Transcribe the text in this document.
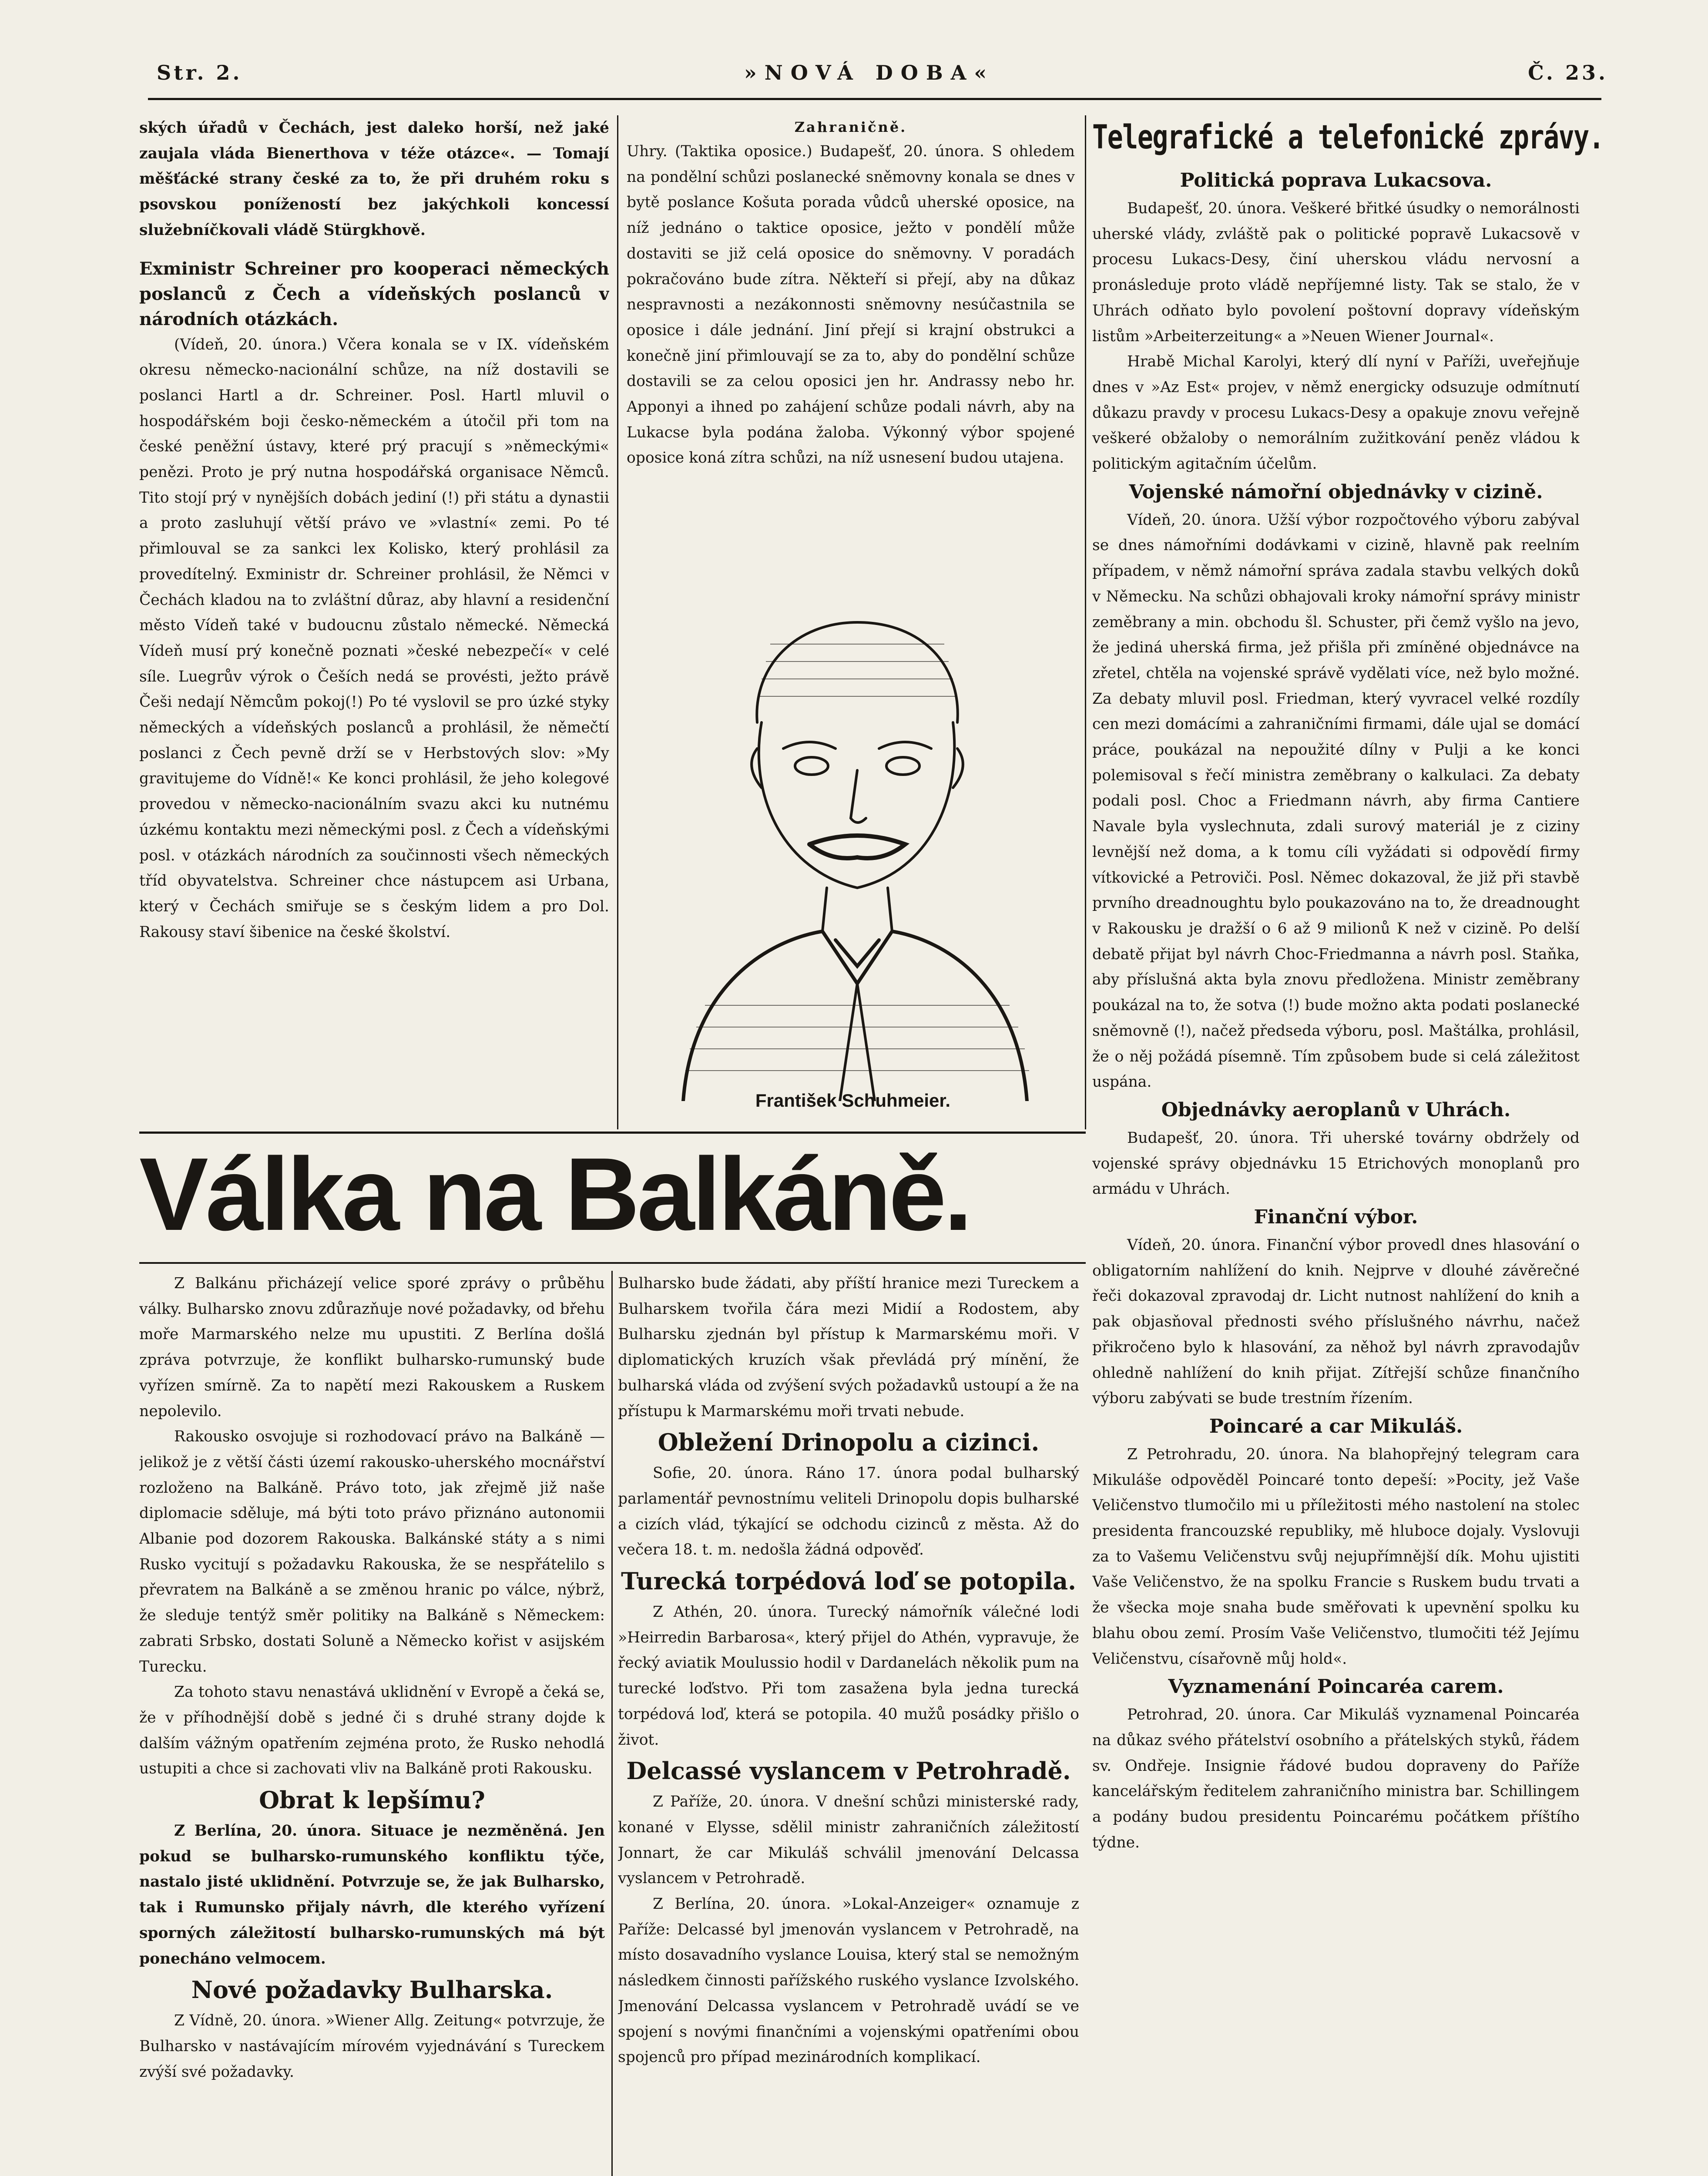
Str. 2.	»NOVÁ DOBA«	Č. 23.

ských úřadů v Čechách, jest daleko horší, než jaké zaujala vláda Bienerthova v téže otázce«. — Tomají měšťácké strany české za to, že při druhém roku s psovskou ponížeností bez jakýchkoli koncessí služebníčkovali vládě Stürgkhově.

Exministr Schreiner pro kooperaci německých poslanců z Čech a vídeňských poslanců v národních otázkách.

(Vídeň, 20. února.) Včera konala se v IX. vídeňském okresu německo-nacionální schůze, na níž dostavili se poslanci Hartl a dr. Schreiner. Posl. Hartl mluvil o hospodářském boji česko-německém a útočil při tom na české peněžní ústavy, které prý pracují s »německými« penězi. Proto je prý nutna hospodářská organisace Němců. Tito stojí prý v nynějších dobách jediní (!) při státu a dynastii a proto zasluhují větší právo ve »vlastní« zemi. Po té přimlouval se za sankci lex Kolisko, který prohlásil za provedítelný. Exministr dr. Schreiner prohlásil, že Němci v Čechách kladou na to zvláštní důraz, aby hlavní a residenční město Vídeň také v budoucnu zůstalo německé. Německá Vídeň musí prý konečně poznati »české nebezpečí« v celé síle. Luegrův výrok o Češích nedá se provésti, ježto právě Češi nedají Němcům pokoj(!) Po té vyslovil se pro úzké styky německých a vídeňských poslanců a prohlásil, že němečtí poslanci z Čech pevně drží se v Herbstových slov: »My gravitujeme do Vídně!« Ke konci prohlásil, že jeho kolegové provedou v německo-nacionálním svazu akci ku nutnému úzkému kontaktu mezi německými posl. z Čech a vídeňskými posl. v otázkách národních za součinnosti všech německých tříd obyvatelstva. Schreiner chce nástupcem asi Urbana, který v Čechách smiřuje se s českým lidem a pro Dol. Rakousy staví šibenice na české školství.

Zahraničně.

Uhry. (Taktika oposice.) Budapešť, 20. února. S ohledem na pondělní schůzi poslanecké sněmovny konala se dnes v bytě poslance Košuta porada vůdců uherské oposice, na níž jednáno o taktice oposice, ježto v pondělí může dostaviti se již celá oposice do sněmovny. V poradách pokračováno bude zítra. Někteří si přejí, aby na důkaz nespravnosti a nezákonnosti sněmovny nesúčastnila se oposice i dále jednání. Jiní přejí si krajní obstrukci a konečně jiní přimlouvají se za to, aby do pondělní schůze dostavili se za celou oposici jen hr. Andrassy nebo hr. Apponyi a ihned po zahájení schůze podali návrh, aby na Lukacse byla podána žaloba. Výkonný výbor spojené oposice koná zítra schůzi, na níž usnesení budou utajena.

František Schuhmeier.
Telegrafické a telefonické zprávy.

Politická poprava Lukacsova.

Budapešť, 20. února. Veškeré břitké úsudky o nemorálnosti uherské vlády, zvláště pak o politické popravě Lukacsově v procesu Lukacs-Desy, činí uherskou vládu nervosní a pronásleduje proto vládě nepříjemné listy. Tak se stalo, že v Uhrách odňato bylo povolení poštovní dopravy vídeňským listům »Arbeiterzeitung« a »Neuen Wiener Journal«.

Hrabě Michal Karolyi, který dlí nyní v Paříži, uveřejňuje dnes v »Az Est« projev, v němž energicky odsuzuje odmítnutí důkazu pravdy v procesu Lukacs-Desy a opakuje znovu veřejně veškeré obžaloby o nemorálním zužitkování peněz vládou k politickým agitačním účelům.

Vojenské námořní objednávky v cizině.

Vídeň, 20. února. Užší výbor rozpočtového výboru zabýval se dnes námořními dodávkami v cizině, hlavně pak reelním případem, v němž námořní správa zadala stavbu velkých doků v Německu. Na schůzi obhajovali kroky námořní správy ministr zeměbrany a min. obchodu šl. Schuster, při čemž vyšlo na jevo, že jediná uherská firma, jež přišla při zmíněné objednávce na zřetel, chtěla na vojenské správě vydělati více, než bylo možné. Za debaty mluvil posl. Friedman, který vyvracel velké rozdíly cen mezi domácími a zahraničními firmami, dále ujal se domácí práce, poukázal na nepoužité dílny v Pulji a ke konci polemisoval s řečí ministra zeměbrany o kalkulaci. Za debaty podali posl. Choc a Friedmann návrh, aby firma Cantiere Navale byla vyslechnuta, zdali surový materiál je z ciziny levnější než doma, a k tomu cíli vyžádati si odpovědí firmy vítkovické a Petroviči. Posl. Němec dokazoval, že již při stavbě prvního dreadnoughtu bylo poukazováno na to, že dreadnought v Rakousku je dražší o 6 až 9 milionů K než v cizině. Po delší debatě přijat byl návrh Choc-Friedmanna a návrh posl. Staňka, aby příslušná akta byla znovu předložena. Ministr zeměbrany poukázal na to, že sotva (!) bude možno akta podati poslanecké sněmovně (!), načež předseda výboru, posl. Maštálka, prohlásil, že o něj požádá písemně. Tím způsobem bude si celá záležitost uspána.

Objednávky aeroplanů v Uhrách.

Budapešť, 20. února. Tři uherské továrny obdržely od vojenské správy objednávku 15 Etrichových monoplanů pro armádu v Uhrách.

Finanční výbor.

Vídeň, 20. února. Finanční výbor provedl dnes hlasování o obligatorním nahlížení do knih. Nejprve v dlouhé závěrečné řeči dokazoval zpravodaj dr. Licht nutnost nahlížení do knih a pak objasňoval přednosti svého příslušného návrhu, načež přikročeno bylo k hlasování, za něhož byl návrh zpravodajův ohledně nahlížení do knih přijat. Zítřejší schůze finančního výboru zabývati se bude trestním řízením.

Poincaré a car Mikuláš.

Z Petrohradu, 20. února. Na blahopřejný telegram cara Mikuláše odpověděl Poincaré tonto depeší: »Pocity, jež Vaše Veličenstvo tlumočilo mi u příležitosti mého nastolení na stolec presidenta francouzské republiky, mě hluboce dojaly. Vyslovuji za to Vašemu Veličenstvu svůj nejupřímnější dík. Mohu ujistiti Vaše Veličenstvo, že na spolku Francie s Ruskem budu trvati a že všecka moje snaha bude směřovati k upevnění spolku ku blahu obou zemí. Prosím Vaše Veličenstvo, tlumočiti též Jejímu Veličenstvu, císařovně můj hold«.

Vyznamenání Poincaréa carem.

Petrohrad, 20. února. Car Mikuláš vyznamenal Poincaréa na důkaz svého přátelství osobního a přátelských styků, řádem sv. Ondřeje. Insignie řádové budou dopraveny do Paříže kancelářským ředitelem zahraničního ministra bar. Schillingem a podány budou presidentu Poincarému počátkem příštího týdne.

Válka na Balkáně.

Z Balkánu přicházejí velice sporé zprávy o průběhu války. Bulharsko znovu zdůrazňuje nové požadavky, od břehu moře Marmarského nelze mu upustiti. Z Berlína došlá zpráva potvrzuje, že konflikt bulharsko-rumunský bude vyřízen smírně. Za to napětí mezi Rakouskem a Ruskem nepolevilo.

Rakousko osvojuje si rozhodovací právo na Balkáně — jelikož je z větší části území rakousko-uherského mocnářství rozloženo na Balkáně. Právo toto, jak zřejmě již naše diplomacie sděluje, má býti toto právo přiznáno autonomii Albanie pod dozorem Rakouska. Balkánské státy a s nimi Rusko vycitují s požadavku Rakouska, že se nespřátelilo s převratem na Balkáně a se změnou hranic po válce, nýbrž, že sleduje tentýž směr politiky na Balkáně s Německem: zabrati Srbsko, dostati Soluně a Německo kořist v asijském Turecku.

Za tohoto stavu nenastává uklidnění v Evropě a čeká se, že v příhodnější době s jedné či s druhé strany dojde k dalším vážným opatřením zejména proto, že Rusko nehodlá ustupiti a chce si zachovati vliv na Balkáně proti Rakousku.

Obrat k lepšímu?

Z Berlína, 20. února. Situace je nezměněná. Jen pokud se bulharsko-rumunského konfliktu týče, nastalo jisté uklidnění. Potvrzuje se, že jak Bulharsko, tak i Rumunsko přijaly návrh, dle kterého vyřízení sporných záležitostí bulharsko-rumunských má být ponecháno velmocem.

Nové požadavky Bulharska.

Z Vídně, 20. února. »Wiener Allg. Zeitung« potvrzuje, že Bulharsko v nastávajícím mírovém vyjednávání s Tureckem zvýší své požadavky.

Bulharsko bude žádati, aby příští hranice mezi Tureckem a Bulharskem tvořila čára mezi Midií a Rodostem, aby Bulharsku zjednán byl přístup k Marmarskému moři. V diplomatických kruzích však převládá prý mínění, že bulharská vláda od zvýšení svých požadavků ustoupí a že na přístupu k Marmarskému moři trvati nebude.

Obležení Drinopolu a cizinci.

Sofie, 20. února. Ráno 17. února podal bulharský parlamentář pevnostnímu veliteli Drinopolu dopis bulharské a cizích vlád, týkající se odchodu cizinců z města. Až do večera 18. t. m. nedošla žádná odpověď.

Turecká torpédová loď se potopila.

Z Athén, 20. února. Turecký námořník válečné lodi »Heirredin Barbarosa«, který přijel do Athén, vypravuje, že řecký aviatik Moulussio hodil v Dardanelách několik pum na turecké loďstvo. Při tom zasažena byla jedna turecká torpédová loď, která se potopila. 40 mužů posádky přišlo o život.

Delcassé vyslancem v Petrohradě.

Z Paříže, 20. února. V dnešní schůzi ministerské rady, konané v Elysse, sdělil ministr zahraničních záležitostí Jonnart, že car Mikuláš schválil jmenování Delcassa vyslancem v Petrohradě.

Z Berlína, 20. února. »Lokal-Anzeiger« oznamuje z Paříže: Delcassé byl jmenován vyslancem v Petrohradě, na místo dosavadního vyslance Louisa, který stal se nemožným následkem činnosti pařížského ruského vyslance Izvolského. Jmenování Delcassa vyslancem v Petrohradě uvádí se ve spojení s novými finančními a vojenskými opatřeními obou spojenců pro případ mezinárodních komplikací.
